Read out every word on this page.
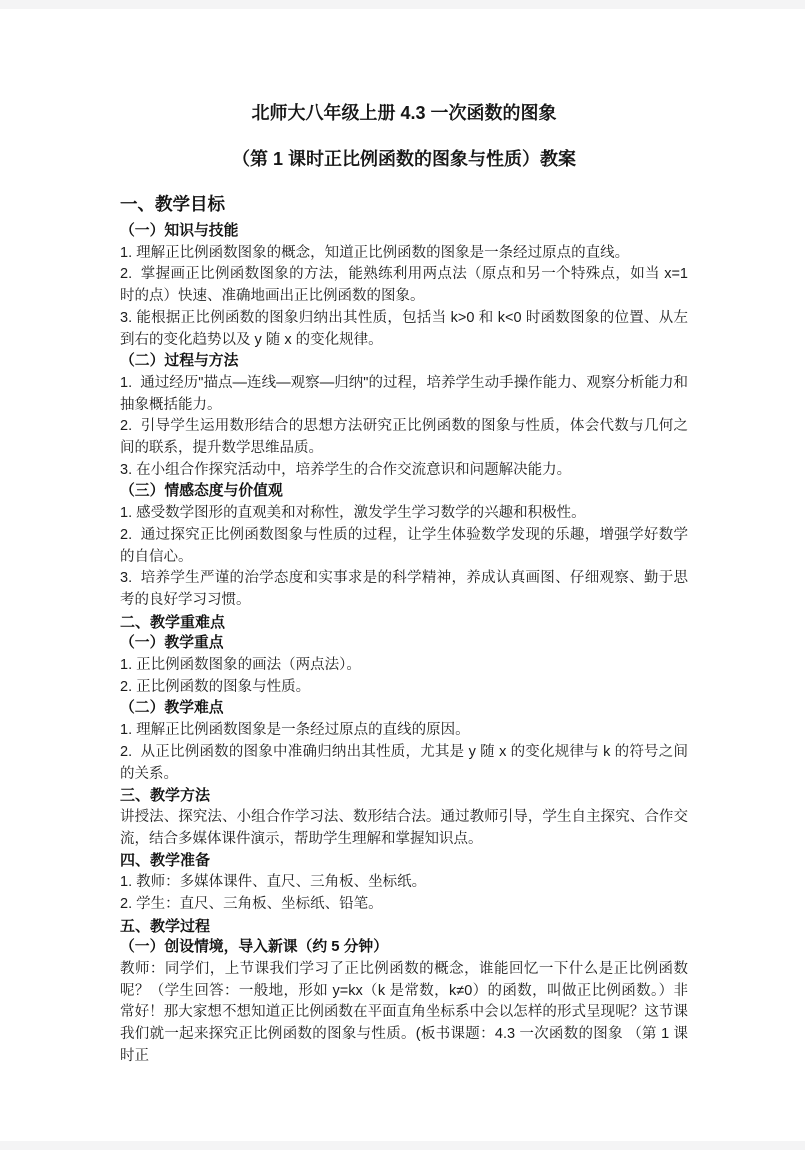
北师大八年级上册 4.3 一次函数的图象
（第 1 课时正比例函数的图象与性质）教案
一、教学目标
（一）知识与技能
1. 理解正比例函数图象的概念，知道正比例函数的图象是一条经过原点的直线。
2.  掌握画正比例函数图象的方法，能熟练利用两点法（原点和另一个特殊点，如当 x=1 时的点）快速、准确地画出正比例函数的图象。
3. 能根据正比例函数的图象归纳出其性质，包括当 k>0 和 k<0 时函数图象的位置、从左到右的变化趋势以及 y 随 x 的变化规律。
（二）过程与方法
1.  通过经历"描点—连线—观察—归纳"的过程，培养学生动手操作能力、观察分析能力和抽象概括能力。
2.  引导学生运用数形结合的思想方法研究正比例函数的图象与性质，体会代数与几何之间的联系，提升数学思维品质。
3. 在小组合作探究活动中，培养学生的合作交流意识和问题解决能力。
（三）情感态度与价值观
1. 感受数学图形的直观美和对称性，激发学生学习数学的兴趣和积极性。
2.  通过探究正比例函数图象与性质的过程，让学生体验数学发现的乐趣，增强学好数学的自信心。
3.  培养学生严谨的治学态度和实事求是的科学精神，养成认真画图、仔细观察、勤于思考的良好学习习惯。
二、教学重难点
（一）教学重点
1. 正比例函数图象的画法（两点法）。
2. 正比例函数的图象与性质。
（二）教学难点
1. 理解正比例函数图象是一条经过原点的直线的原因。
2.  从正比例函数的图象中准确归纳出其性质，尤其是 y 随 x 的变化规律与 k 的符号之间的关系。
三、教学方法
讲授法、探究法、小组合作学习法、数形结合法。通过教师引导，学生自主探究、合作交流，结合多媒体课件演示，帮助学生理解和掌握知识点。
四、教学准备
1. 教师：多媒体课件、直尺、三角板、坐标纸。
2. 学生：直尺、三角板、坐标纸、铅笔。
五、教学过程
（一）创设情境，导入新课（约 5 分钟）
教师：同学们，上节课我们学习了正比例函数的概念，谁能回忆一下什么是正比例函数呢？（学生回答：一般地，形如 y=kx（k 是常数，k≠0）的函数，叫做正比例函数。）非常好！那大家想不想知道正比例函数在平面直角坐标系中会以怎样的形式呈现呢？这节课我们就一起来探究正比例函数的图象与性质。(板书课题：4.3 一次函数的图象 （第 1 课时正
